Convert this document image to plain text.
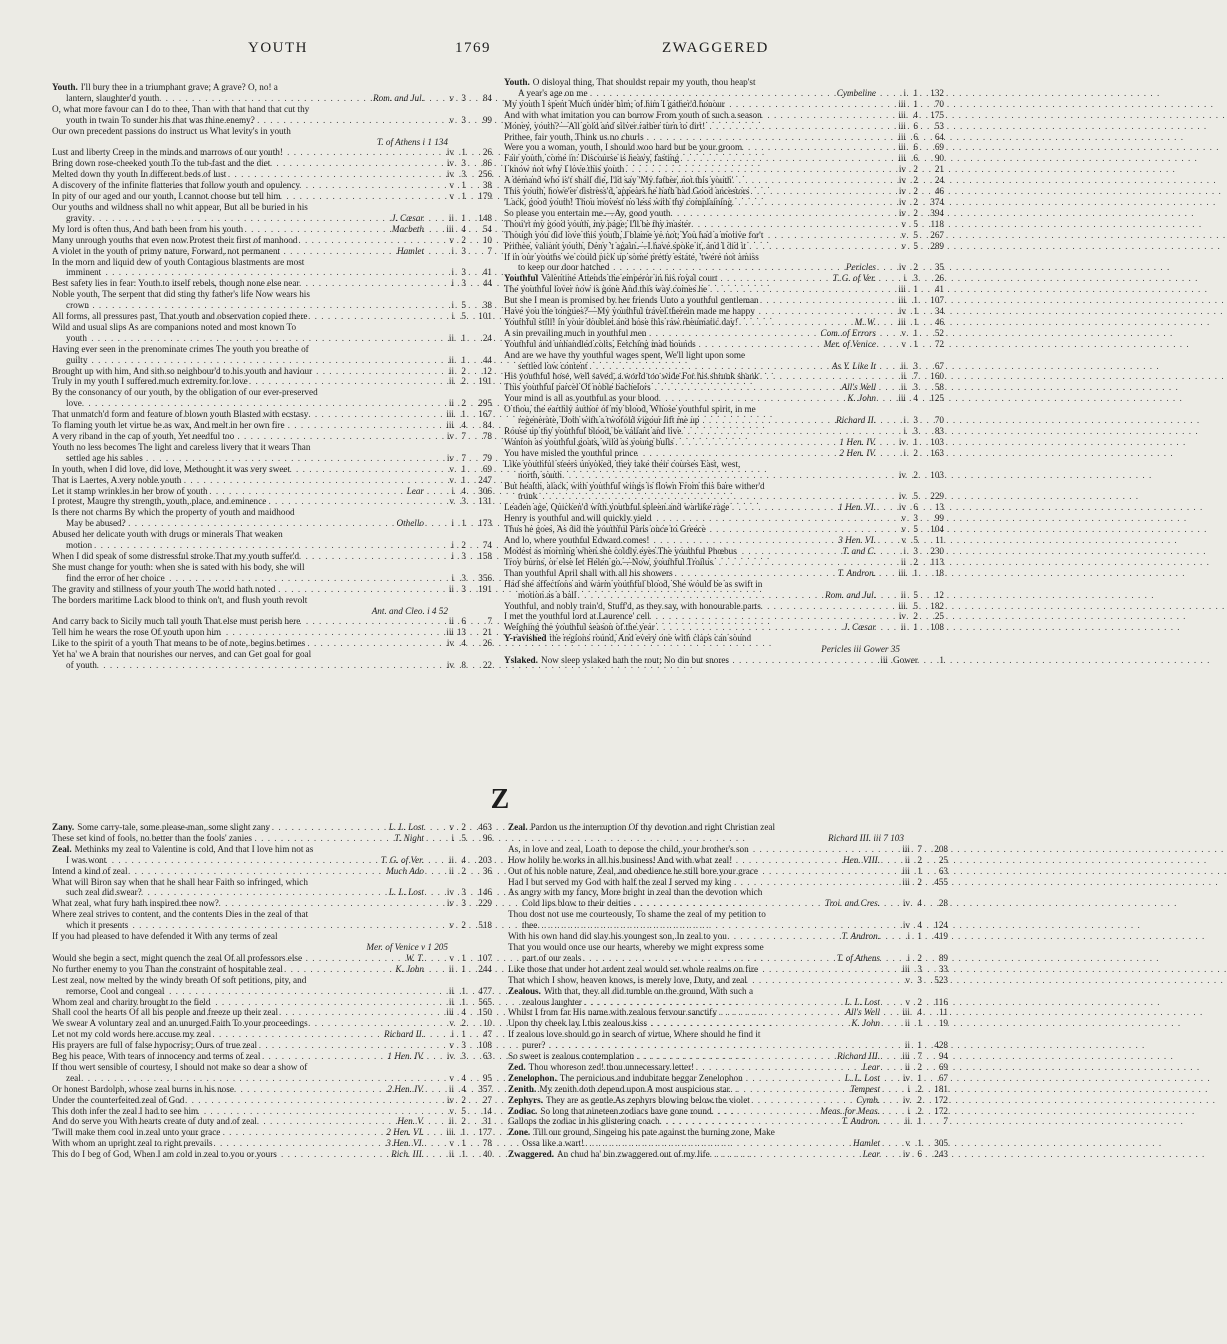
YOUTH	1769	ZWAGGERED
Youth. I'll bury thee in a triumphant grave; A grave? O, no! a
lantern, slaughter'd youth . . .	Rom. and Jul.	v 3	84
O, what more favour can I do to thee, Than with that hand that cut thy
youth in twain To sunder his that was thine enemy? . . .	v 3	99
Our own precedent passions do instruct us What levity's in youth
T. of Athens i 1 134
Lust and liberty Creep in the minds and marrows of our youth! . . .	iv 1	26
Bring down rose-cheeked youth To the tub-fast and the diet . . .	iv 3	86
Melted down thy youth In different beds of lust . . .	iv 3	256
A discovery of the infinite flatteries that follow youth and opulency . . .	v 1	38
In pity of our aged and our youth, I cannot choose but tell him . . .	v 1	179
Our youths and wildness shall no whit appear, But all be buried in his
gravity . . .	J. Cæsar	ii 1	148
My lord is often thus, And hath been from his youth . . .	Macbeth	iii 4	54
Many unrough youths that even now Protest their first of manhood . . .	v 2	10
A violet in the youth of primy nature, Forward, not permanent . . .	Hamlet	i 3	7
In the morn and liquid dew of youth Contagious blastments are most
imminent . . .	i 3	41
Best safety lies in fear: Youth to itself rebels, though none else near . . .	i 3	44
Noble youth, The serpent that did sting thy father's life Now wears his
crown . . .	i 5	38
All forms, all pressures past, That youth and observation copied there . . .	i 5	101
Wild and usual slips As are companions noted and most known To
youth . . .	ii 1	24
Having ever seen in the prenominate crimes The youth you breathe of
guilty . . .	ii 1	44
Brought up with him, And sith so neighbour'd to his youth and haviour . . .	ii 2	12
Truly in my youth I suffered much extremity for love . . .	ii 2	191
By the consonancy of our youth, by the obligation of our ever-preserved
love . . .	ii 2	295
That unmatch'd form and feature of blown youth Blasted with ecstasy . . .	iii 1	167
To flaming youth let virtue be as wax, And melt in her own fire . . .	iii 4	84
A very riband in the cap of youth, Yet needful too . . .	iv 7	78
Youth no less becomes The light and careless livery that it wears Than
settled age his sables . . .	iv 7	79
In youth, when I did love, did love, Methought it was very sweet . . .	v 1	69
That is Laertes, A very noble youth . . .	v 1	247
Let it stamp wrinkles in her brow of youth . . .	Lear	i 4	306
I protest, Maugre thy strength, youth, place, and eminence . . .	v 3	131
Is there not charms By which the property of youth and maidhood
May be abused? . . .	Othello	i 1	173
Abused her delicate youth with drugs or minerals That weaken
motion . . .	i 2	74
When I did speak of some distressful stroke That my youth suffer'd . . .	i 3	158
She must change for youth: when she is sated with his body, she will
find the error of her choice . . .	i 3	356
The gravity and stillness of your youth The world hath noted . . .	ii 3	191
The borders maritime Lack blood to think on't, and flush youth revolt
Ant. and Cleo. i 4 52
And carry back to Sicily much tall youth That else must perish here . . .	ii 6	7
Tell him he wears the rose Of youth upon him . . .	iii 13	21
Like to the spirit of a youth That means to be of note, begins betimes . . .	iv 4	26
Yet ha' we A brain that nourishes our nerves, and can Get goal for goal
of youth . . .	iv 8	22
Youth. O disloyal thing, That shouldst repair my youth, thou heap'st
A year's age on me . . .	Cymbeline	i 1	132
My youth I spent Much under him; of him I gather'd honour . . .	iii 1	70
And with what imitation you can borrow From youth of such a season . . .	iii 4	175
Money, youth?—All gold and silver rather turn to dirt! . . .	iii 6	53
Prithee, fair youth, Think us no churls . . .	iii 6	64
Were you a woman, youth, I should woo hard but be your groom . . .	iii 6	69
Fair youth, come in: Discourse is heavy, fasting . . .	iii 6	90
I know not why I love this youth . . .	iv 2	21
A demand who is't shall die, I'ld say 'My father, not this youth' . . .	iv 2	24
This youth, howe'er distress'd, appears he hath had Good ancestors . . .	iv 2	46
'Lack, good youth! Thou movest no less with thy complaining . . .	iv 2	374
So please you entertain me.—Ay, good youth . . .	iv 2	394
Thou'rt my good youth, my page; I'll be thy master . . .	v 5	118
Though you did love this youth, I blame ye not; You had a motive for't . . .	v 5	267
Prithee, valiant youth, Deny 't again.—I have spoke it, and I did it . . .	v 5	289
If in our youths we could pick up some pretty estate, 'twere not amiss
to keep our door hatched . . .	Pericles	iv 2	35
Youthful Valentine Attends the emperor in his royal court . . .	T. G. of Ver.	i 3	26
The youthful lover now is gone And this way comes he . . .	iii 1	41
But she I mean is promised by her friends Unto a youthful gentleman . . .	iii 1	107
Have you the tongues?—My youthful travel therein made me happy . . .	iv 1	34
Youthful still! in your doublet and hose this raw rheumatic day! . . .	M. W.	iii 1	46
A sin prevailing much in youthful men . . .	Com. of Errors	v 1	52
Youthful and unhandled colts, Fetching mad bounds . . .	Mer. of Venice	v 1	72
And are we have thy youthful wages spent, We'll light upon some
settled low content . . .	As Y. Like It	ii 3	67
His youthful hose, well saved, a world too wide For his shrunk shank . . .	ii 7	160
This youthful parcel Of noble bachelors . . .	All's Well	ii 3	58
Your mind is all as youthful as your blood . . .	K. John	iii 4	125
O thou, the earthly author of my blood, Whose youthful spirit, in me
regenerate, Doth with a twofold vigour lift me up . . .	Richard II.	i 3	70
Rouse up thy youthful blood, be valiant and live . . .	i 3	83
Wanton as youthful goats, wild as young bulls . . .	1 Hen. IV.	iv 1	103
You have misled the youthful prince . . .	2 Hen. IV.	i 2	163
Like youthful steers unyoked, they take their courses East, west,
north, south . . .	iv 2	103
But health, alack, with youthful wings is flown From this bare wither'd
trunk . . .	iv 5	229
Leaden age, Quicken'd with youthful spleen and warlike rage . . .	1 Hen. VI.	iv 6	13
Henry is youthful and will quickly yield . . .	v 3	99
Thus he goes, As did the youthful Paris once to Greece . . .	v 5	104
And lo, where youthful Edward comes! . . .	3 Hen. VI.	v 5	11
Modest as morning when she coldly eyes The youthful Phœbus . . .	T. and C.	i 3	230
Troy burns, or else let Helen go.—Now, youthful Troilus . . .	ii 2	113
Than youthful April shall with all his showers . . .	T. Andron.	iii 1	18
Had she affections and warm youthful blood, She would be as swift in
motion as a ball . . .	Rom. and Jul.	ii 5	12
Youthful, and nobly train'd, Stuff'd, as they say, with honourable parts . . .	iii 5	182
I met the youthful lord at Laurence' cell . . .	iv 2	25
Weighing the youthful season of the year . . .	J. Cæsar	ii 1	108
Y-ravished the regions round, And every one with claps can sound
Pericles iii Gower 35
Yslaked. Now sleep yslaked hath the rout; No din but snores . . .	iii Gower	1
Z
Zany. Some carry-tale, some please-man, some slight zany . . .	L. L. Lost	v 2	463
These set kind of fools, no better than the fools' zanies . . .	T. Night	i 5	96
Zeal. Methinks my zeal to Valentine is cold, And that I love him not as
I was wont . . .	T. G. of Ver.	ii 4	203
Intend a kind of zeal . . .	Much Ado	ii 2	36
What will Biron say when that he shall hear Faith so infringed, which
such zeal did swear? . . .	L. L. Lost	iv 3	146
What zeal, what fury hath inspired thee now? . . .	iv 3	229
Where zeal strives to content, and the contents Dies in the zeal of that
which it presents . . .	v 2	518
If you had pleased to have defended it With any terms of zeal
Mer. of Venice v 1 205
Would she begin a sect, might quench the zeal Of all professors else . . .	W. T.	v 1	107
No further enemy to you Than the constraint of hospitable zeal . . .	K. John	ii 1	244
Lest zeal, now melted by the windy breath Of soft petitions, pity, and
remorse, Cool and congeal . . .	ii 1	477
Whom zeal and charity brought to the field . . .	ii 1	565
Shall cool the hearts Of all his people and freeze up their zeal . . .	iii 4	150
We swear A voluntary zeal and an unurged Faith To your proceedings . . .	v 2	10
Let not my cold words here accuse my zeal . . .	Richard II.	i 1	47
His prayers are full of false hypocrisy; Ours of true zeal . . .	v 3	108
Beg his peace, With tears of innocency and terms of zeal . . .	1 Hen. IV.	iv 3	63
If thou wert sensible of courtesy, I should not make so dear a show of
zeal . . .	v 4	95
Or honest Bardolph, whose zeal burns in his nose . . .	2 Hen. IV.	ii 4	357
Under the counterfeited zeal of God . . .	iv 2	27
This doth infer the zeal I had to see him . . .	v 5	14
And do serve you With hearts create of duty and of zeal . . .	Hen. V.	ii 2	31
'Twill make them cool in zeal unto your grace . . .	2 Hen. VI.	iii 1	177
With whom an upright zeal to right prevails . . .	3 Hen. VI.	v 1	78
This do I beg of God, When I am cold in zeal to you or yours . . .	Rich. III.	ii 1	40
Zeal. Pardon us the interruption Of thy devotion and right Christian zeal
Richard III. iii 7 103
As, in love and zeal, Loath to depose the child, your brother's son . . .	iii 7	208
How holily he works in all his business! And with what zeal! . . .	Hen. VIII.	ii 2	25
Out of his noble nature, Zeal, and obedience he still bore your grace . . .	iii 1	63
Had I but served my God with half the zeal I served my king . . .	iii 2	455
As angry with my fancy, More bright in zeal than the devotion which
Cold lips blow to their deities . . .	Troi. and Cres.	iv 4	28
Thou dost not use me courteously, To shame the zeal of my petition to
thee . . .	iv 4	124
With his own hand did slay his youngest son, In zeal to you . . .	T. Andron.	i 1	419
That you would once use our hearts, whereby we might express some
part of our zeals . . .	T. of Athens	i 2	89
Like those that under hot ardent zeal would set whole realms on fire . . .	iii 3	33
That which I show, heaven knows, is merely love, Duty, and zeal . . .	v 3	523
Zealous. With that, they all did tumble on the ground, With such a
zealous laughter . . .	L. L. Lost	v 2	116
Whilst I from far His name with zealous fervour sanctify . . .	All's Well	iii 4	11
Upon thy cheek lay I this zealous kiss . . .	K. John	ii 1	19
If zealous love should go in search of virtue, Where should he find it
purer? . . .	ii 1	428
So sweet is zealous contemplation . . .	Richard III.	iii 7	94
Zed. Thou whoreson zed! thou unnecessary letter! . . .	Lear	ii 2	69
Zenelophon. The pernicious and indubitate beggar Zenelophon . . .	L. L. Lost	iv 1	67
Zenith. My zenith doth depend upon A most auspicious star . . .	Tempest	i 2	181
Zephyrs. They are as gentle As zephyrs blowing below the violet . . .	Cymb.	iv 2	172
Zodiac. So long that nineteen zodiacs have gone round . . .	Meas. for Meas.	i 2	172
Gallops the zodiac in his glistering coach . . .	T. Andron.	ii 1	7
Zone. Till our ground, Singeing his pate against the burning zone, Make
Ossa like a wart! . . .	Hamlet	v 1	305
Zwaggered. An chud ha' bin zwaggered out of my life . . .	Lear	iv 6	243
